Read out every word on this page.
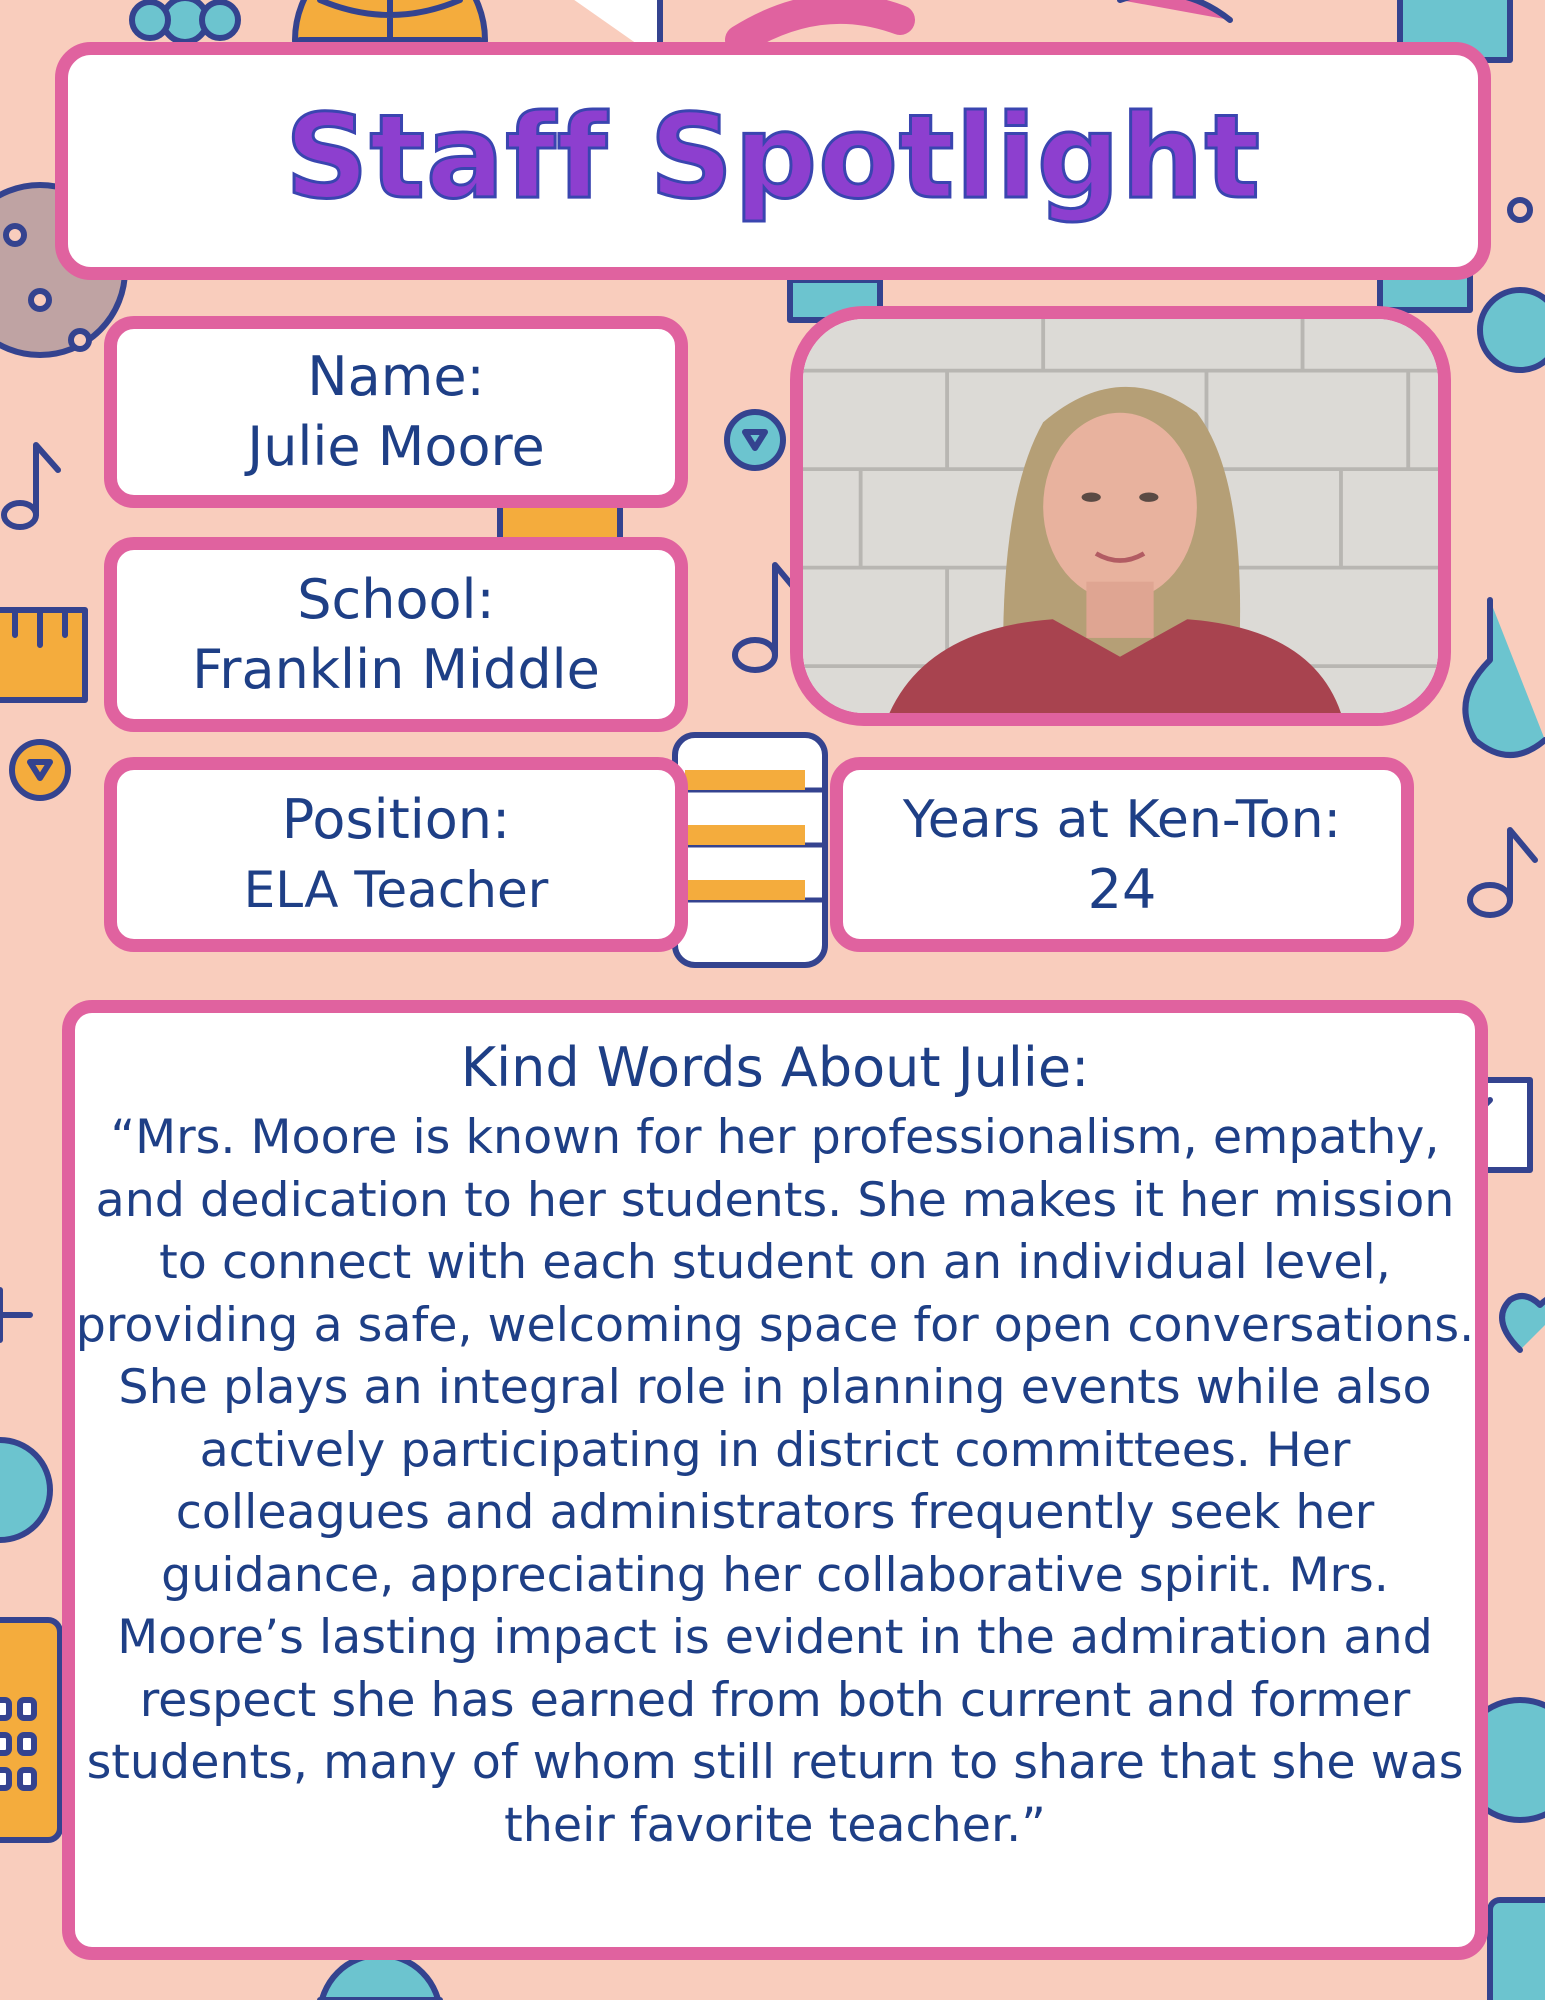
Staff Spotlight
Name:
Julie Moore
School:
Franklin Middle
Position:
ELA Teacher
Years at Ken-Ton:
24
Kind Words About Julie:
“Mrs. Moore is known for her professionalism, empathy, and dedication to her students. She makes it her mission to connect with each student on an individual level, providing a safe, welcoming space for open conversations. She plays an integral role in planning events while also actively participating in district committees. Her colleagues and administrators frequently seek her guidance, appreciating her collaborative spirit. Mrs. Moore’s lasting impact is evident in the admiration and respect she has earned from both current and former students, many of whom still return to share that she was their favorite teacher.”
